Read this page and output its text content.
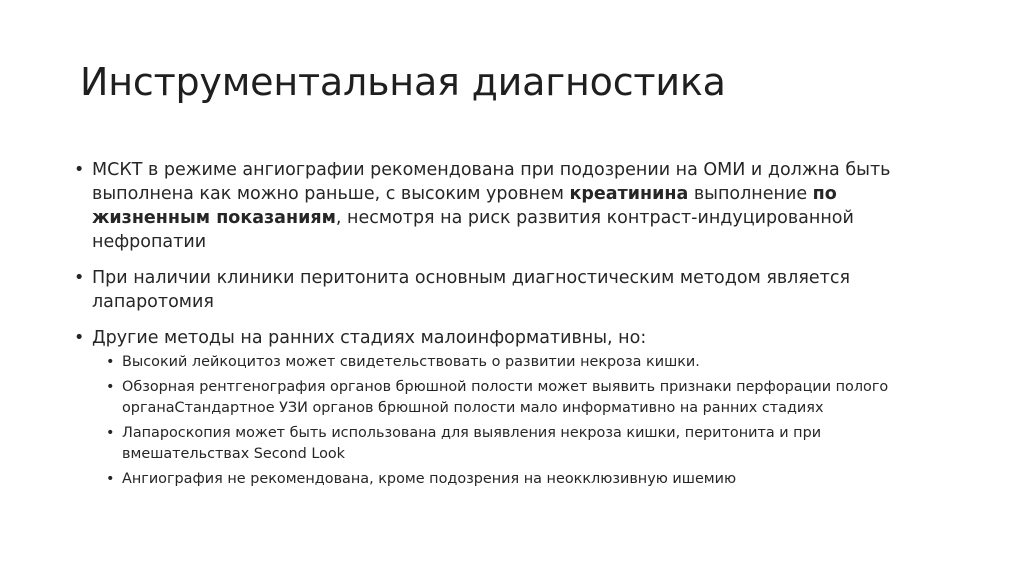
Инструментальная диагностика
• МСКТ в режиме ангиографии рекомендована при подозрении на ОМИ и должна быть выполнена как можно раньше, с высоким уровнем креатинина выполнение по жизненным показаниям, несмотря на риск развития контраст-индуцированной нефропатии
• При наличии клиники перитонита основным диагностическим методом является лапаротомия
• Другие методы на ранних стадиях малоинформативны, но:
• Высокий лейкоцитоз может свидетельствовать о развитии некроза кишки.
• Обзорная рентгенография органов брюшной полости может выявить признаки перфорации полого органаСтандартное УЗИ органов брюшной полости мало информативно на ранних стадиях
• Лапароскопия может быть использована для выявления некроза кишки, перитонита и при вмешательствах Second Look
• Ангиография не рекомендована, кроме подозрения на неокклюзивную ишемию
